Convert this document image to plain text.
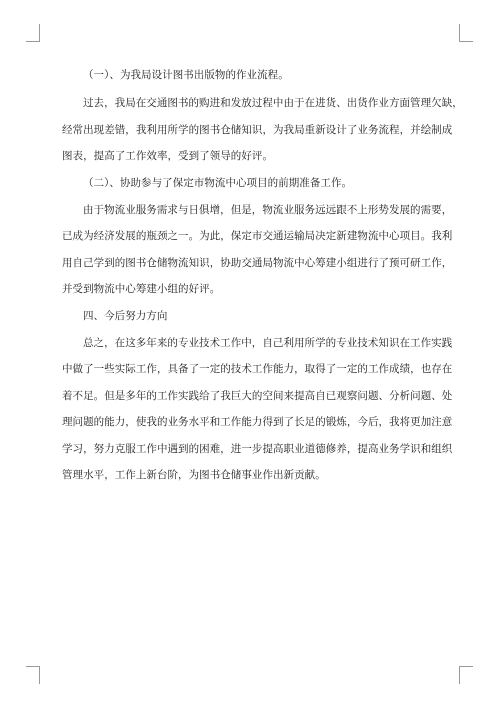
（一）、为我局设计图书出版物的作业流程。
过去，我局在交通图书的购进和发放过程中由于在进货、出货作业方面管理欠缺，
经常出现差错，我利用所学的图书仓储知识，为我局重新设计了业务流程，并绘制成
图表，提高了工作效率，受到了领导的好评。
（二）、协助参与了保定市物流中心项目的前期准备工作。
由于物流业服务需求与日俱增，但是，物流业服务远远跟不上形势发展的需要，
已成为经济发展的瓶颈之一。为此，保定市交通运输局决定新建物流中心项目。我利
用自己学到的图书仓储物流知识，协助交通局物流中心筹建小组进行了预可研工作，
并受到物流中心筹建小组的好评。
四、今后努力方向
总之，在这多年来的专业技术工作中，自己利用所学的专业技术知识在工作实践
中做了一些实际工作，具备了一定的技术工作能力，取得了一定的工作成绩，也存在
着不足。但是多年的工作实践给了我巨大的空间来提高自已观察问题、分析问题、处
理问题的能力，使我的业务水平和工作能力得到了长足的锻炼，今后，我将更加注意
学习，努力克服工作中遇到的困难，进一步提高职业道德修养，提高业务学识和组织
管理水平，工作上新台阶，为图书仓储事业作出新贡献。
